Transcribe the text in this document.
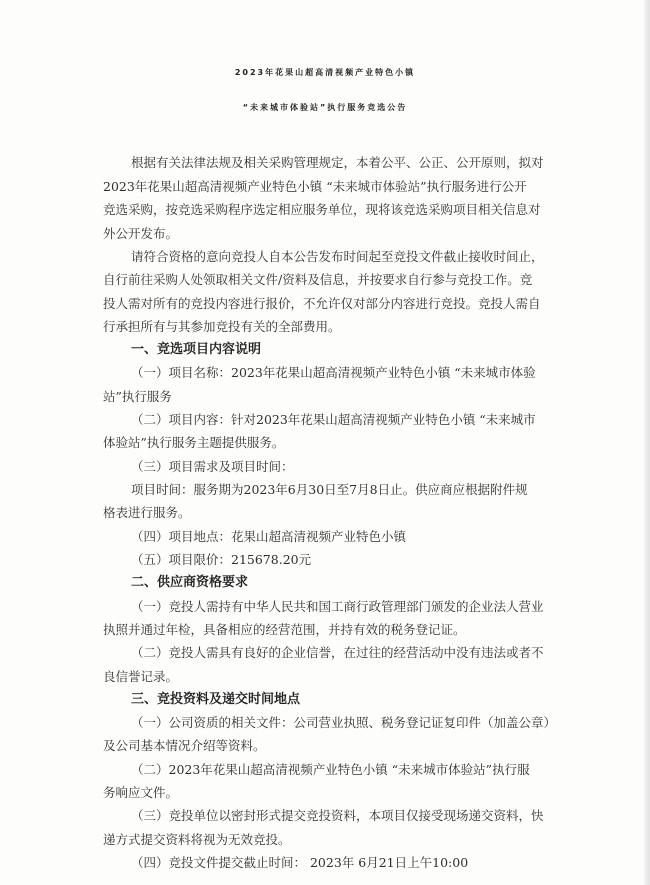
2023年花果山超高清视频产业特色小镇
“未来城市体验站”执行服务竞选公告
根据有关法律法规及相关采购管理规定，本着公平、公正、公开原则，拟对
2023年花果山超高清视频产业特色小镇 “未来城市体验站”执行服务进行公开
竞选采购，按竞选采购程序选定相应服务单位，现将该竞选采购项目相关信息对
外公开发布。
请符合资格的意向竞投人自本公告发布时间起至竞投文件截止接收时间止，
自行前往采购人处领取相关文件/资料及信息，并按要求自行参与竞投工作。竞
投人需对所有的竞投内容进行报价，不允许仅对部分内容进行竞投。竞投人需自
行承担所有与其参加竞投有关的全部费用。
一、竞选项目内容说明
（一）项目名称：2023年花果山超高清视频产业特色小镇 “未来城市体验
站”执行服务
（二）项目内容：针对2023年花果山超高清视频产业特色小镇 “未来城市
体验站”执行服务主题提供服务。
（三）项目需求及项目时间：
项目时间：服务期为2023年6月30日至7月8日止。供应商应根据附件规
格表进行服务。
（四）项目地点：花果山超高清视频产业特色小镇
（五）项目限价：215678.20元
二、供应商资格要求
（一）竞投人需持有中华人民共和国工商行政管理部门颁发的企业法人营业
执照并通过年检，具备相应的经营范围，并持有效的税务登记证。
（二）竞投人需具有良好的企业信誉，在过往的经营活动中没有违法或者不
良信誉记录。
三、竞投资料及递交时间地点
（一）公司资质的相关文件：公司营业执照、税务登记证复印件（加盖公章）
及公司基本情况介绍等资料。
（二）2023年花果山超高清视频产业特色小镇 “未来城市体验站”执行服
务响应文件。
（三）竞投单位以密封形式提交竞投资料，本项目仅接受现场递交资料，快
递方式提交资料将视为无效竞投。
（四）竞投文件提交截止时间： 2023年 6月21日上午10:00
